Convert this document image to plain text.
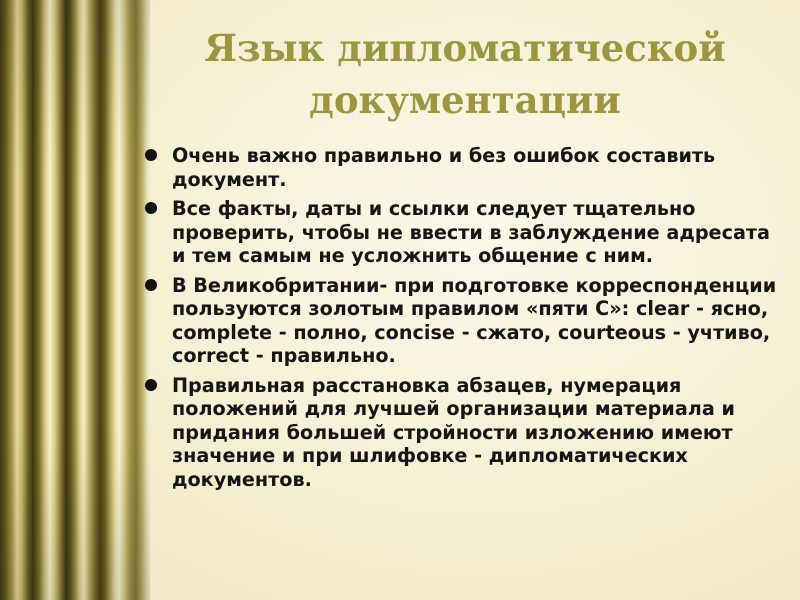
Язык дипломатической документации
Очень важно правильно и без ошибок составить документ.
Все факты, даты и ссылки следует тщательно проверить, чтобы не ввести в заблуждение адресата и тем самым не усложнить общение с ним.
В Великобритании- при подготовке корреспонденции пользуются золотым правилом «пяти С»: clear - ясно, complete - полно, concise - сжато, courteous - учтиво, correct - правильно.
Правильная расстановка абзацев, нумерация положений для лучшей организации материала и придания большей стройности изложению имеют значение и при шлифовке - дипломатических документов.
